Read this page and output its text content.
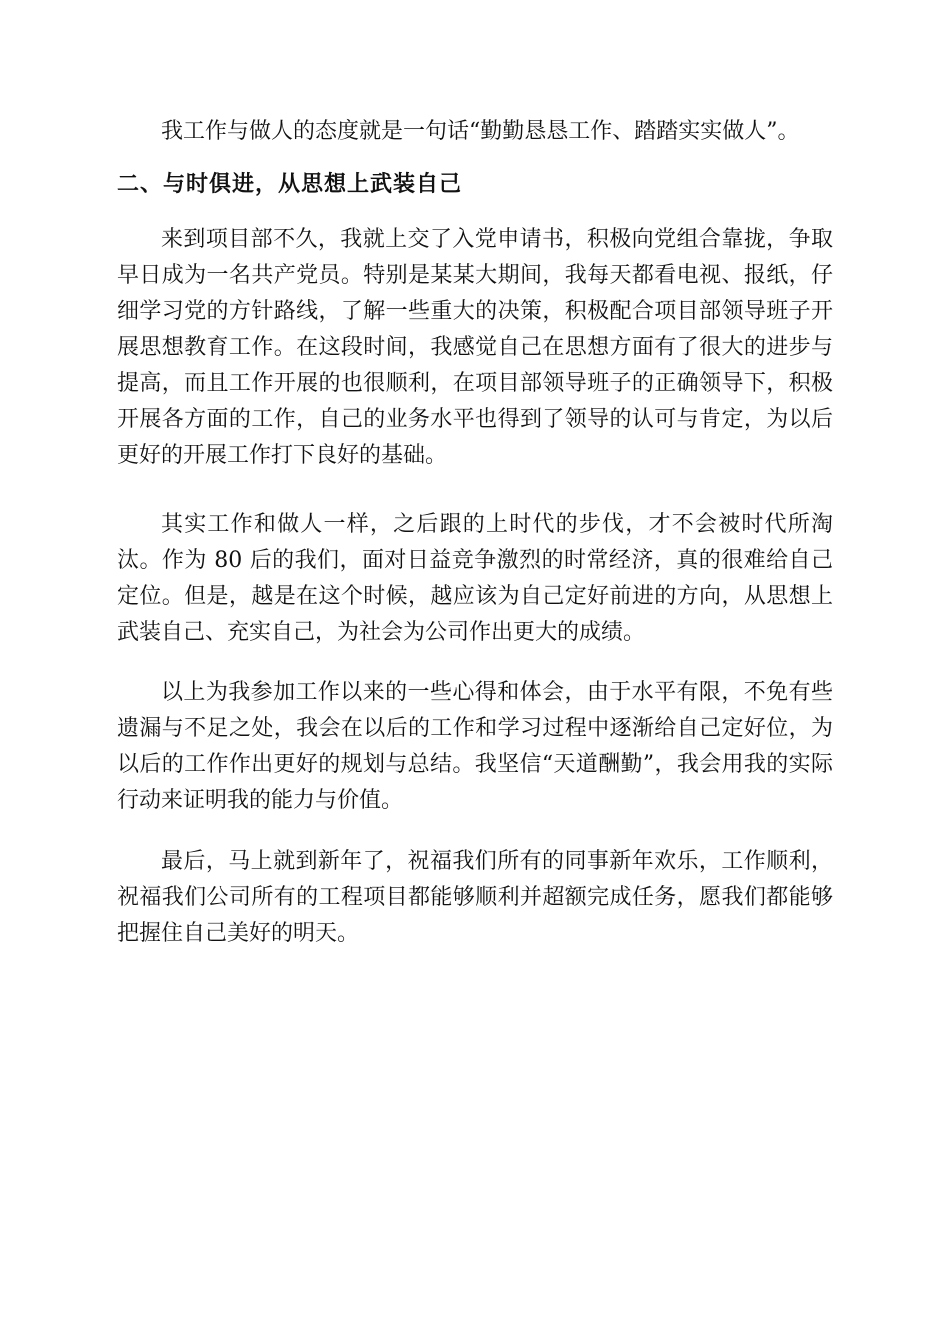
我工作与做人的态度就是一句话“勤勤恳恳工作、踏踏实实做人”。

二、与时俱进，从思想上武装自己

来到项目部不久，我就上交了入党申请书，积极向党组合靠拢，争取早日成为一名共产党员。特别是某某大期间，我每天都看电视、报纸，仔细学习党的方针路线，了解一些重大的决策，积极配合项目部领导班子开展思想教育工作。在这段时间，我感觉自己在思想方面有了很大的进步与提高，而且工作开展的也很顺利，在项目部领导班子的正确领导下，积极开展各方面的工作，自己的业务水平也得到了领导的认可与肯定，为以后更好的开展工作打下良好的基础。

其实工作和做人一样，之后跟的上时代的步伐，才不会被时代所淘汰。作为 80 后的我们，面对日益竞争激烈的时常经济，真的很难给自己定位。但是，越是在这个时候，越应该为自己定好前进的方向，从思想上武装自己、充实自己，为社会为公司作出更大的成绩。

以上为我参加工作以来的一些心得和体会，由于水平有限，不免有些遗漏与不足之处，我会在以后的工作和学习过程中逐渐给自己定好位，为以后的工作作出更好的规划与总结。我坚信“天道酬勤”，我会用我的实际行动来证明我的能力与价值。

最后，马上就到新年了，祝福我们所有的同事新年欢乐，工作顺利，祝福我们公司所有的工程项目都能够顺利并超额完成任务，愿我们都能够把握住自己美好的明天。
